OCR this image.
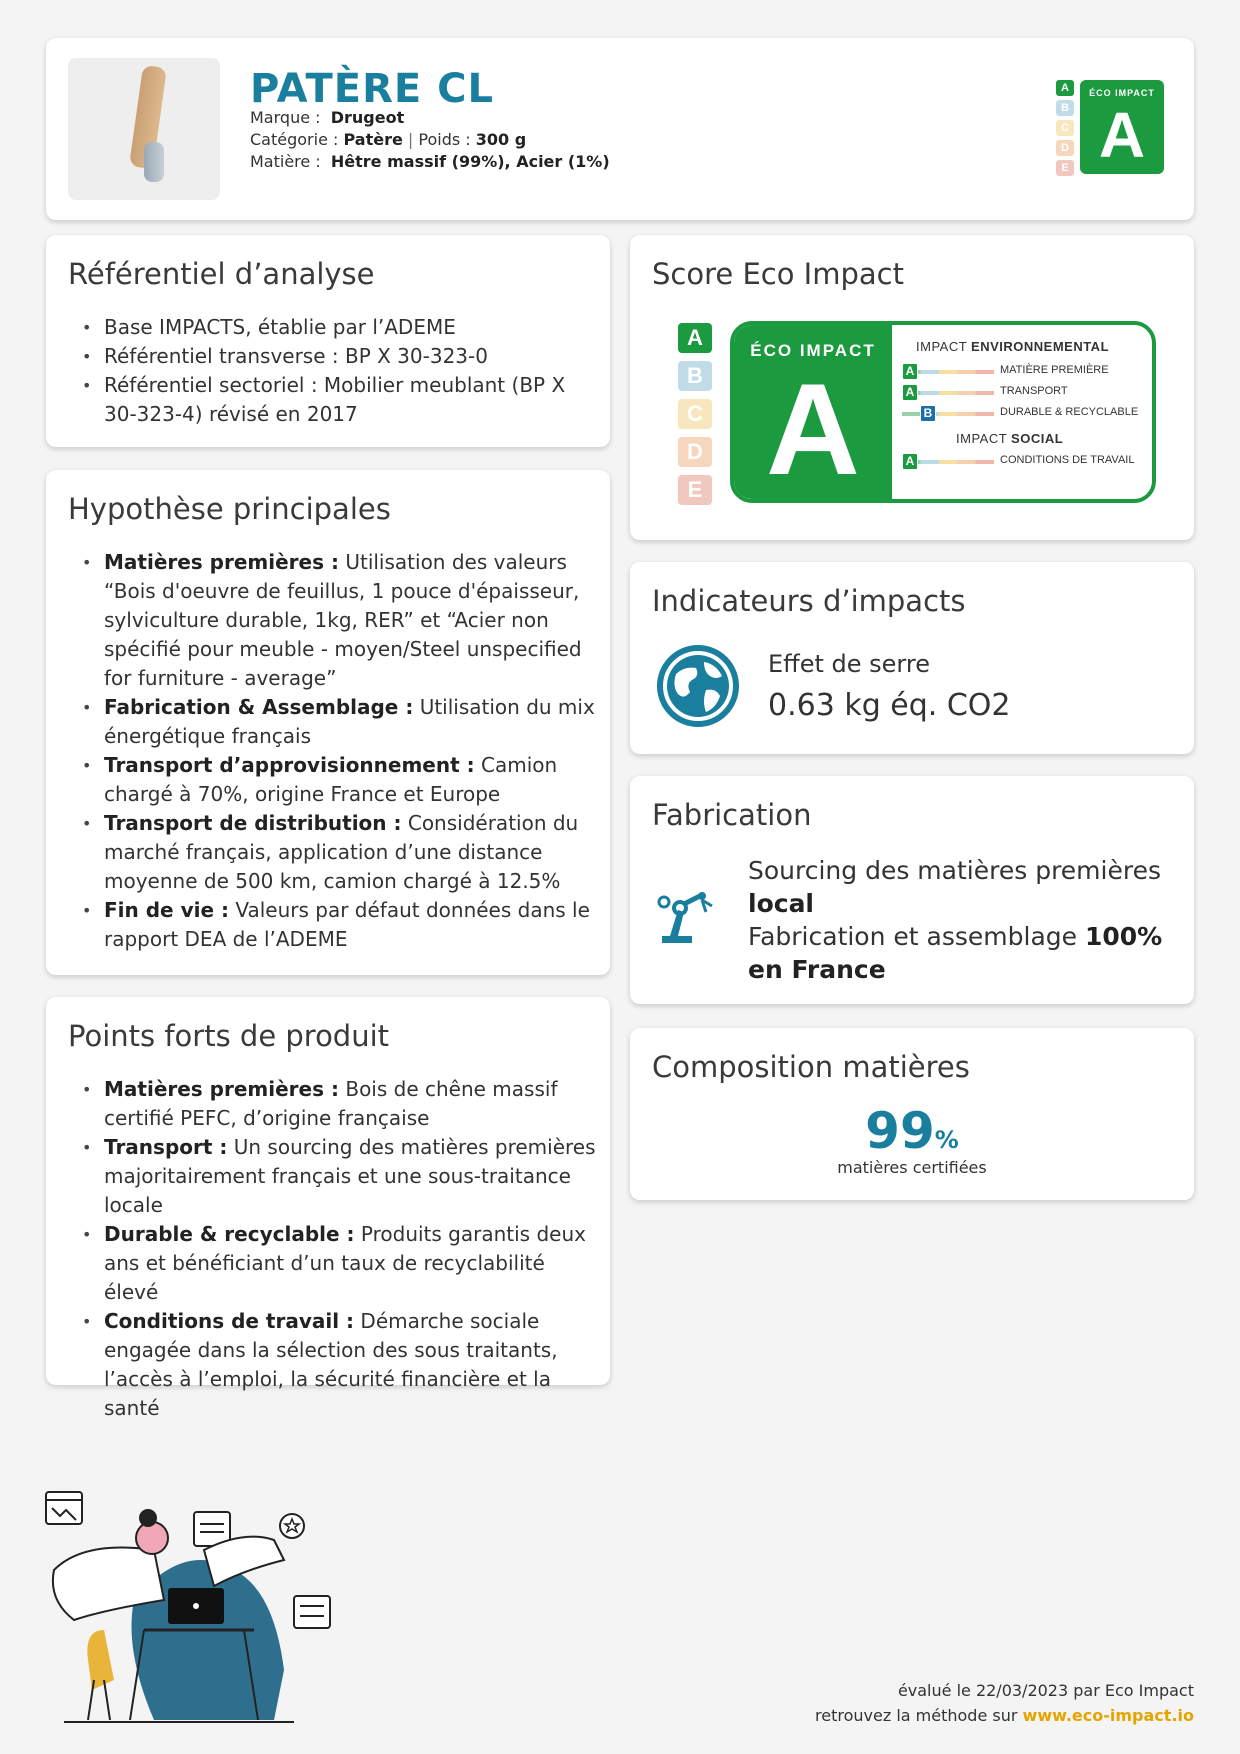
PATÈRE CL
Marque : Drugeot
Catégorie : Patère | Poids : 300 g
Matière : Hêtre massif (99%), Acier (1%)
A
B
C
D
E
ÉCO IMPACT
A
Référentiel d’analyse
• Base IMPACTS, établie par l’ADEME
• Référentiel transverse : BP X 30-323-0
• Référentiel sectoriel : Mobilier meublant (BP X 30-323-4) révisé en 2017
Hypothèse principales
• Matières premières : Utilisation des valeurs “Bois d'oeuvre de feuillus, 1 pouce d'épaisseur, sylviculture durable, 1kg, RER” et “Acier non spécifié pour meuble - moyen/Steel unspecified for furniture - average”
• Fabrication & Assemblage : Utilisation du mix énergétique français
• Transport d’approvisionnement : Camion chargé à 70%, origine France et Europe
• Transport de distribution : Considération du marché français, application d’une distance moyenne de 500 km, camion chargé à 12.5%
• Fin de vie : Valeurs par défaut données dans le rapport DEA de l’ADEME
Points forts de produit
• Matières premières : Bois de chêne massif certifié PEFC, d’origine française
• Transport : Un sourcing des matières premières majoritairement français et une sous-traitance locale
• Durable & recyclable : Produits garantis deux ans et bénéficiant d’un taux de recyclabilité élevé
• Conditions de travail : Démarche sociale engagée dans la sélection des sous traitants, l’accès à l’emploi, la sécurité financière et la santé
Score Eco Impact
A
B
C
D
E
ÉCO IMPACT
A
IMPACT ENVIRONNEMENTAL
A	MATIÈRE PREMIÈRE
A	TRANSPORT
B	DURABLE & RECYCLABLE
IMPACT SOCIAL
A	CONDITIONS DE TRAVAIL
Indicateurs d’impacts
Effet de serre
0.63 kg éq. CO2
Fabrication
Sourcing des matières premières local
Fabrication et assemblage 100% en France
Composition matières
99%
matières certifiées
évalué le 22/03/2023 par Eco Impact
retrouvez la méthode sur www.eco-impact.io
